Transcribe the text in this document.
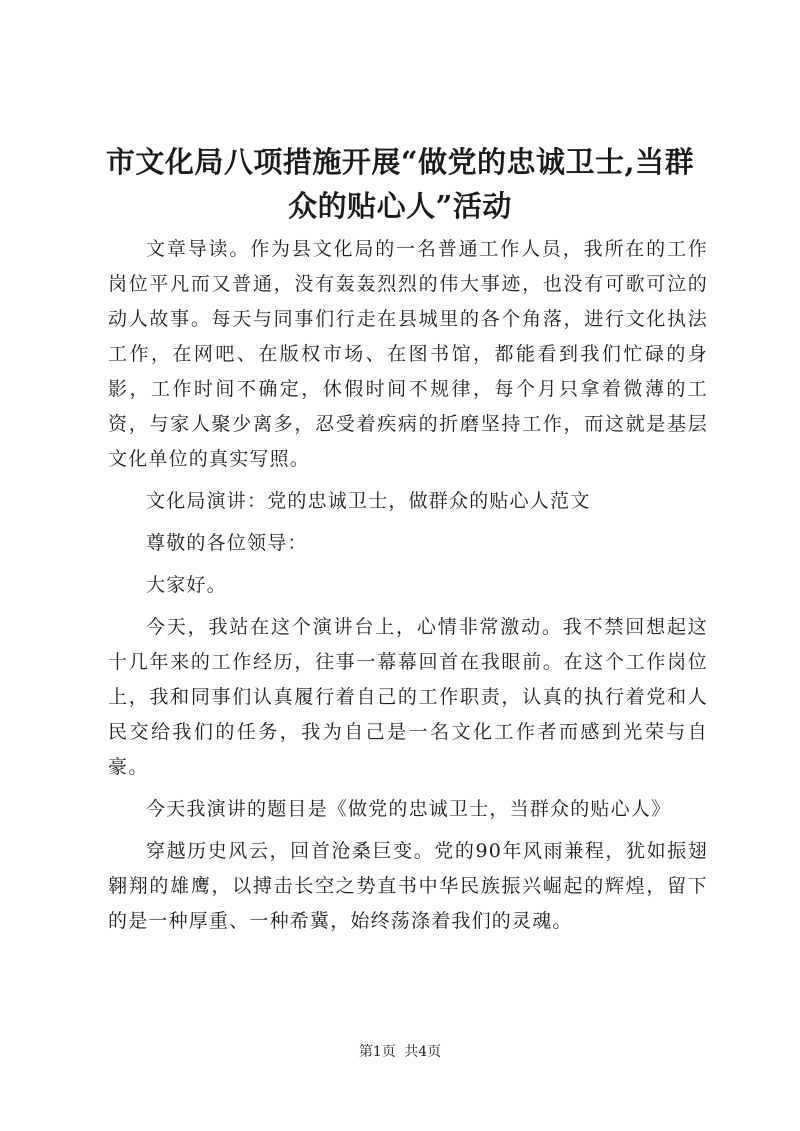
市文化局八项措施开展“做党的忠诚卫士,当群众的贴心人”活动

文章导读。作为县文化局的一名普通工作人员，我所在的工作岗位平凡而又普通，没有轰轰烈烈的伟大事迹，也没有可歌可泣的动人故事。每天与同事们行走在县城里的各个角落，进行文化执法工作，在网吧、在版权市场、在图书馆，都能看到我们忙碌的身影，工作时间不确定，休假时间不规律，每个月只拿着微薄的工资，与家人聚少离多，忍受着疾病的折磨坚持工作，而这就是基层文化单位的真实写照。

文化局演讲：党的忠诚卫士，做群众的贴心人范文

尊敬的各位领导：

大家好。

今天，我站在这个演讲台上，心情非常激动。我不禁回想起这十几年来的工作经历，往事一幕幕回首在我眼前。在这个工作岗位上，我和同事们认真履行着自己的工作职责，认真的执行着党和人民交给我们的任务，我为自己是一名文化工作者而感到光荣与自豪。

今天我演讲的题目是《做党的忠诚卫士，当群众的贴心人》

穿越历史风云，回首沧桑巨变。党的90年风雨兼程，犹如振翅翱翔的雄鹰，以搏击长空之势直书中华民族振兴崛起的辉煌，留下的是一种厚重、一种希冀，始终荡涤着我们的灵魂。

第1页 共4页
